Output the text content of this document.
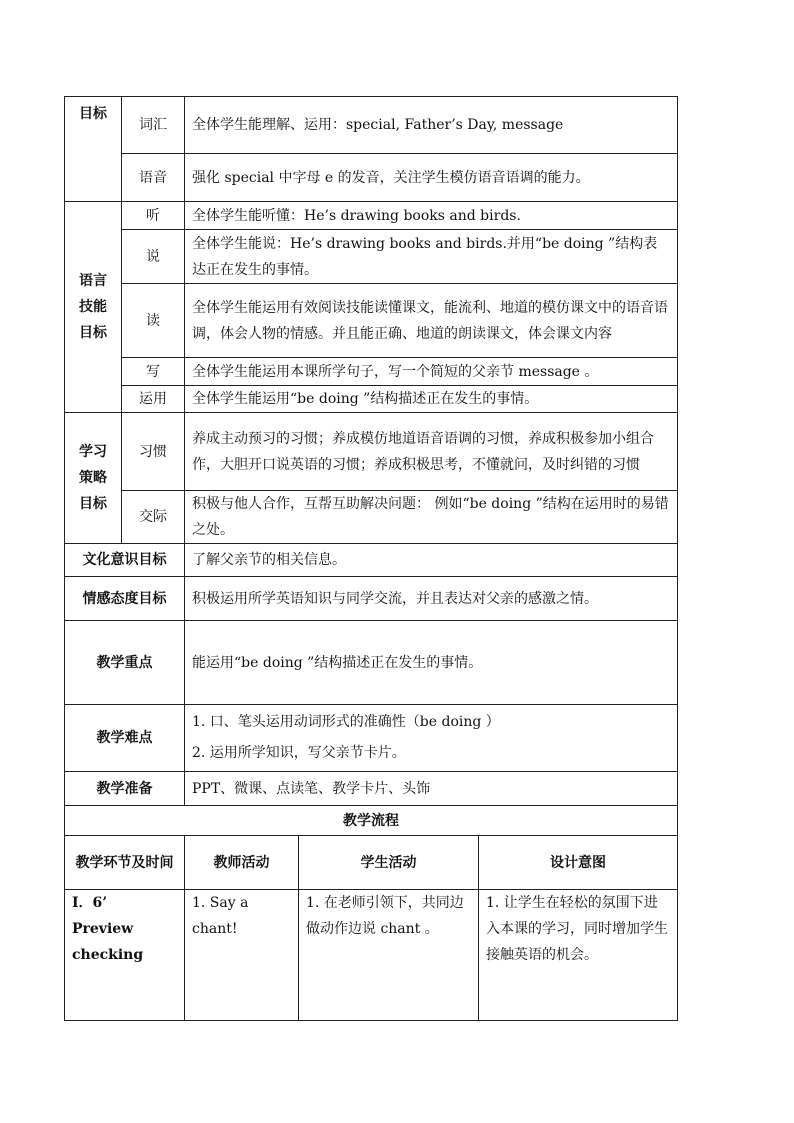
目标	词汇	全体学生能理解、运用：special, Father’s Day, message		
	语音	强化 special 中字母 e 的发音，关注学生模仿语音语调的能力。		

语言
技能
目标	听	全体学生能听懂：He’s drawing books and birds.		
	说	全体学生能说：He’s drawing books and birds.并用“be doing ”结构表达正在发生的事情。		
	读	全体学生能运用有效阅读技能读懂课文，能流利、地道的模仿课文中的语音语调，体会人物的情感。并且能正确、地道的朗读课文，体会课文内容		
	写	全体学生能运用本课所学句子，写一个简短的父亲节 message 。		
	运用	全体学生能运用“be doing ”结构描述正在发生的事情。		

学习
策略
目标	习惯	养成主动预习的习惯；养成模仿地道语音语调的习惯，养成积极参加小组合作，大胆开口说英语的习惯；养成积极思考，不懂就问，及时纠错的习惯		
	交际	积极与他人合作，互帮互助解决问题： 例如“be doing ”结构在运用时的易错之处。		
文化意识目标		了解父亲节的相关信息。		
情感态度目标		积极运用所学英语知识与同学交流，并且表达对父亲的感激之情。		
教学重点		能运用“be doing ”结构描述正在发生的事情。		
教学难点		1. 口、笔头运用动词形式的准确性（be doing ）
2. 运用所学知识，写父亲节卡片。		

教学准备		PPT、微课、点读笔、教学卡片、头饰		
教学流程				
教学环节及时间		教师活动	学生活动	设计意图

I．6’
Preview
checking		1. Say a chant!	1. 在老师引领下，共同边做动作边说 chant 。	1. 让学生在轻松的氛围下进入本课的学习，同时增加学生接触英语的机会。
